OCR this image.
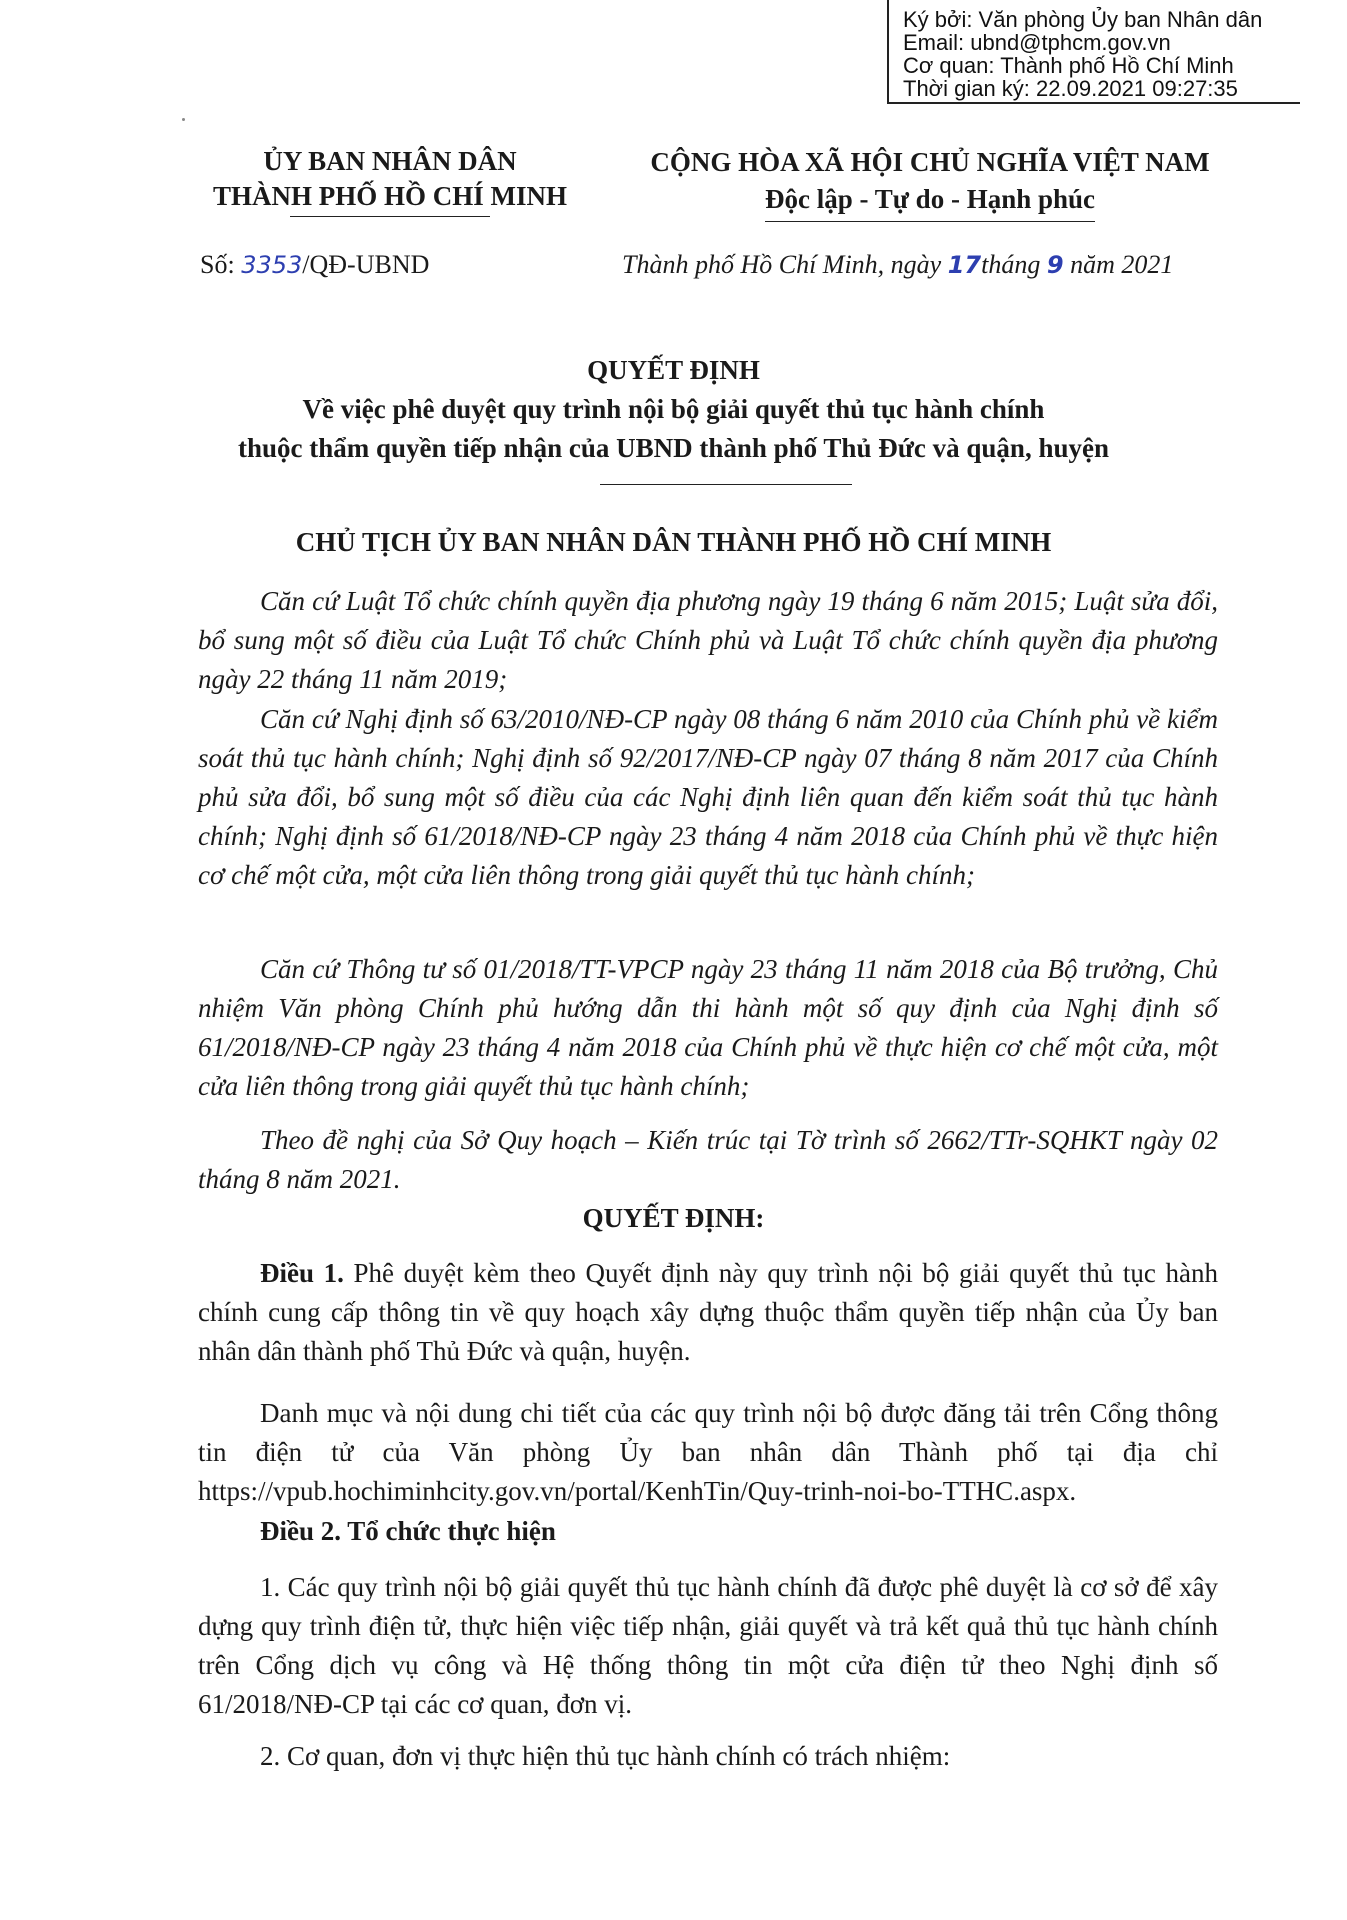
Ký bởi: Văn phòng Ủy ban Nhân dân
Email: ubnd@tphcm.gov.vn
Cơ quan: Thành phố Hồ Chí Minh
Thời gian ký: 22.09.2021 09:27:35
ỦY BAN NHÂN DÂN
THÀNH PHỐ HỒ CHÍ MINH
CỘNG HÒA XÃ HỘI CHỦ NGHĨA VIỆT NAM
Độc lập - Tự do - Hạnh phúc
Số: 3353/QĐ-UBND	Thành phố Hồ Chí Minh, ngày 17tháng 9 năm 2021
QUYẾT ĐỊNH
Về việc phê duyệt quy trình nội bộ giải quyết thủ tục hành chính
thuộc thẩm quyền tiếp nhận của UBND thành phố Thủ Đức và quận, huyện
CHỦ TỊCH ỦY BAN NHÂN DÂN THÀNH PHỐ HỒ CHÍ MINH
Căn cứ Luật Tổ chức chính quyền địa phương ngày 19 tháng 6 năm 2015; Luật sửa đổi, bổ sung một số điều của Luật Tổ chức Chính phủ và Luật Tổ chức chính quyền địa phương ngày 22 tháng 11 năm 2019;
Căn cứ Nghị định số 63/2010/NĐ-CP ngày 08 tháng 6 năm 2010 của Chính phủ về kiểm soát thủ tục hành chính; Nghị định số 92/2017/NĐ-CP ngày 07 tháng 8 năm 2017 của Chính phủ sửa đổi, bổ sung một số điều của các Nghị định liên quan đến kiểm soát thủ tục hành chính; Nghị định số 61/2018/NĐ-CP ngày 23 tháng 4 năm 2018 của Chính phủ về thực hiện cơ chế một cửa, một cửa liên thông trong giải quyết thủ tục hành chính;
Căn cứ Thông tư số 01/2018/TT-VPCP ngày 23 tháng 11 năm 2018 của Bộ trưởng, Chủ nhiệm Văn phòng Chính phủ hướng dẫn thi hành một số quy định của Nghị định số 61/2018/NĐ-CP ngày 23 tháng 4 năm 2018 của Chính phủ về thực hiện cơ chế một cửa, một cửa liên thông trong giải quyết thủ tục hành chính;
Theo đề nghị của Sở Quy hoạch – Kiến trúc tại Tờ trình số 2662/TTr-SQHKT ngày 02 tháng 8 năm 2021.
QUYẾT ĐỊNH:
Điều 1. Phê duyệt kèm theo Quyết định này quy trình nội bộ giải quyết thủ tục hành chính cung cấp thông tin về quy hoạch xây dựng thuộc thẩm quyền tiếp nhận của Ủy ban nhân dân thành phố Thủ Đức và quận, huyện.
Danh mục và nội dung chi tiết của các quy trình nội bộ được đăng tải trên Cổng thông tin điện tử của Văn phòng Ủy ban nhân dân Thành phố tại địa chỉ https://vpub.hochiminhcity.gov.vn/portal/KenhTin/Quy-trinh-noi-bo-TTHC.aspx.
Điều 2. Tổ chức thực hiện
1. Các quy trình nội bộ giải quyết thủ tục hành chính đã được phê duyệt là cơ sở để xây dựng quy trình điện tử, thực hiện việc tiếp nhận, giải quyết và trả kết quả thủ tục hành chính trên Cổng dịch vụ công và Hệ thống thông tin một cửa điện tử theo Nghị định số 61/2018/NĐ-CP tại các cơ quan, đơn vị.
2. Cơ quan, đơn vị thực hiện thủ tục hành chính có trách nhiệm:
